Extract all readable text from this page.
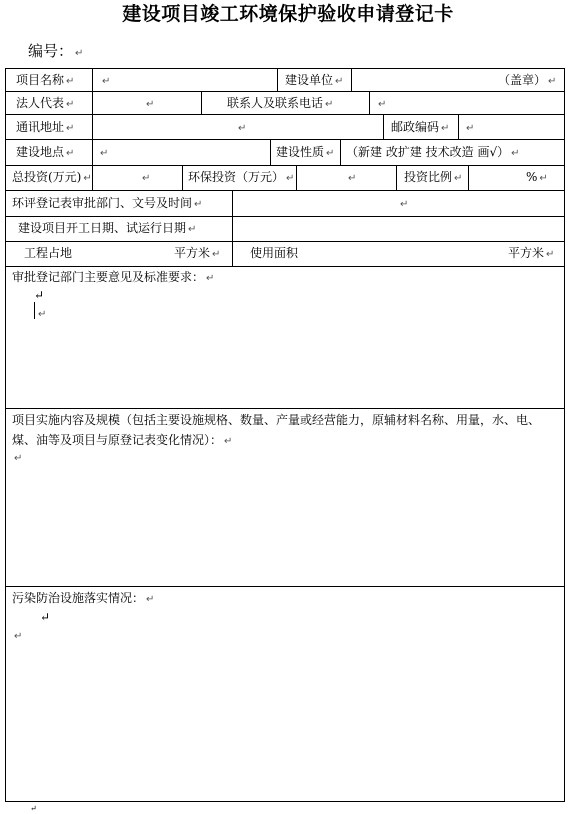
建设项目竣工环境保护验收申请登记卡
编号： ↵
项目名称 ↵	↵	建设单位 ↵	（盖章） ↵
法人代表 ↵	↵	联系人及联系电话 ↵	↵
通讯地址 ↵	↵	邮政编码 ↵ ↵
建设地点 ↵	↵	建设性质 ↵ （新建 改扩建 技术改造 画√） ↵
总投资(万元) ↵	↵	环保投资（万元） ↵	↵	投资比例 ↵	% ↵
环评登记表审批部门、文号及时间 ↵	↵
建设项目开工日期、试运行日期 ↵
工程占地	平方米 ↵ 使用面积	平方米 ↵
审批登记部门主要意见及标准要求： ↵
↵
↵
项目实施内容及规模（包括主要设施规格、数量、产量或经营能力，原辅材料名称、用量，水、电、煤、油等及项目与原登记表变化情况）： ↵
↵
污染防治设施落实情况： ↵
↵
↵
↵
